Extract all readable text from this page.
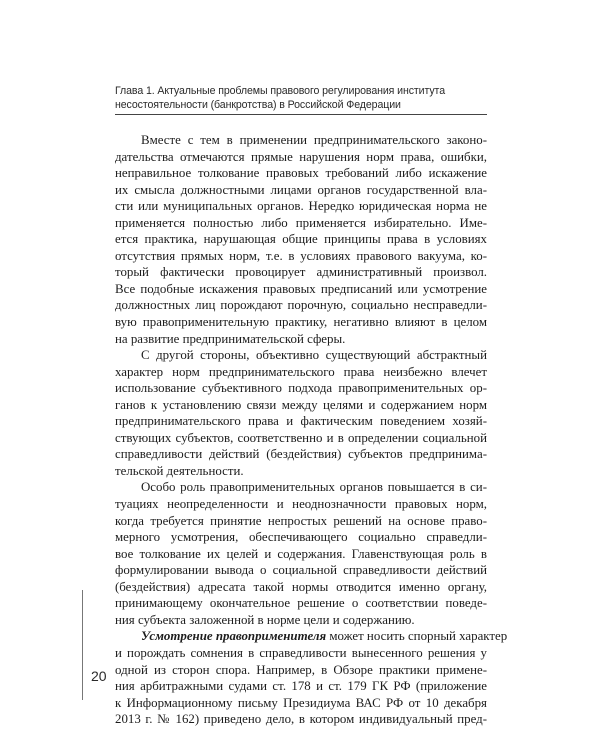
Глава 1. Актуальные проблемы правового регулирования института
несостоятельности (банкротства) в Российской Федерации
Вместе с тем в применении предпринимательского законо-
дательства отмечаются прямые нарушения норм права, ошибки,
неправильное толкование правовых требований либо искажение
их смысла должностными лицами органов государственной вла-
сти или муниципальных органов. Нередко юридическая норма не
применяется полностью либо применяется избирательно. Име-
ется практика, нарушающая общие принципы права в условиях
отсутствия прямых норм, т.е. в условиях правового вакуума, ко-
торый фактически провоцирует административный произвол.
Все подобные искажения правовых предписаний или усмотрение
должностных лиц порождают порочную, социально несправедли-
вую правоприменительную практику, негативно влияют в целом
на развитие предпринимательской сферы.
С другой стороны, объективно существующий абстрактный
характер норм предпринимательского права неизбежно влечет
использование субъективного подхода правоприменительных ор-
ганов к установлению связи между целями и содержанием норм
предпринимательского права и фактическим поведением хозяй-
ствующих субъектов, соответственно и в определении социальной
справедливости действий (бездействия) субъектов предпринима-
тельской деятельности.
Особо роль правоприменительных органов повышается в си-
туациях неопределенности и неоднозначности правовых норм,
когда требуется принятие непростых решений на основе право-
мерного усмотрения, обеспечивающего социально справедли-
вое толкование их целей и содержания. Главенствующая роль в
формулировании вывода о социальной справедливости действий
(бездействия) адресата такой нормы отводится именно органу,
принимающему окончательное решение о соответствии поведе-
ния субъекта заложенной в норме цели и содержанию.
Усмотрение правоприменителя может носить спорный характер
и порождать сомнения в справедливости вынесенного решения у
одной из сторон спора. Например, в Обзоре практики примене-
ния арбитражными судами ст. 178 и ст. 179 ГК РФ (приложение
к Информационному письму Президиума ВАС РФ от 10 декабря
2013 г. № 162) приведено дело, в котором индивидуальный пред-
20
